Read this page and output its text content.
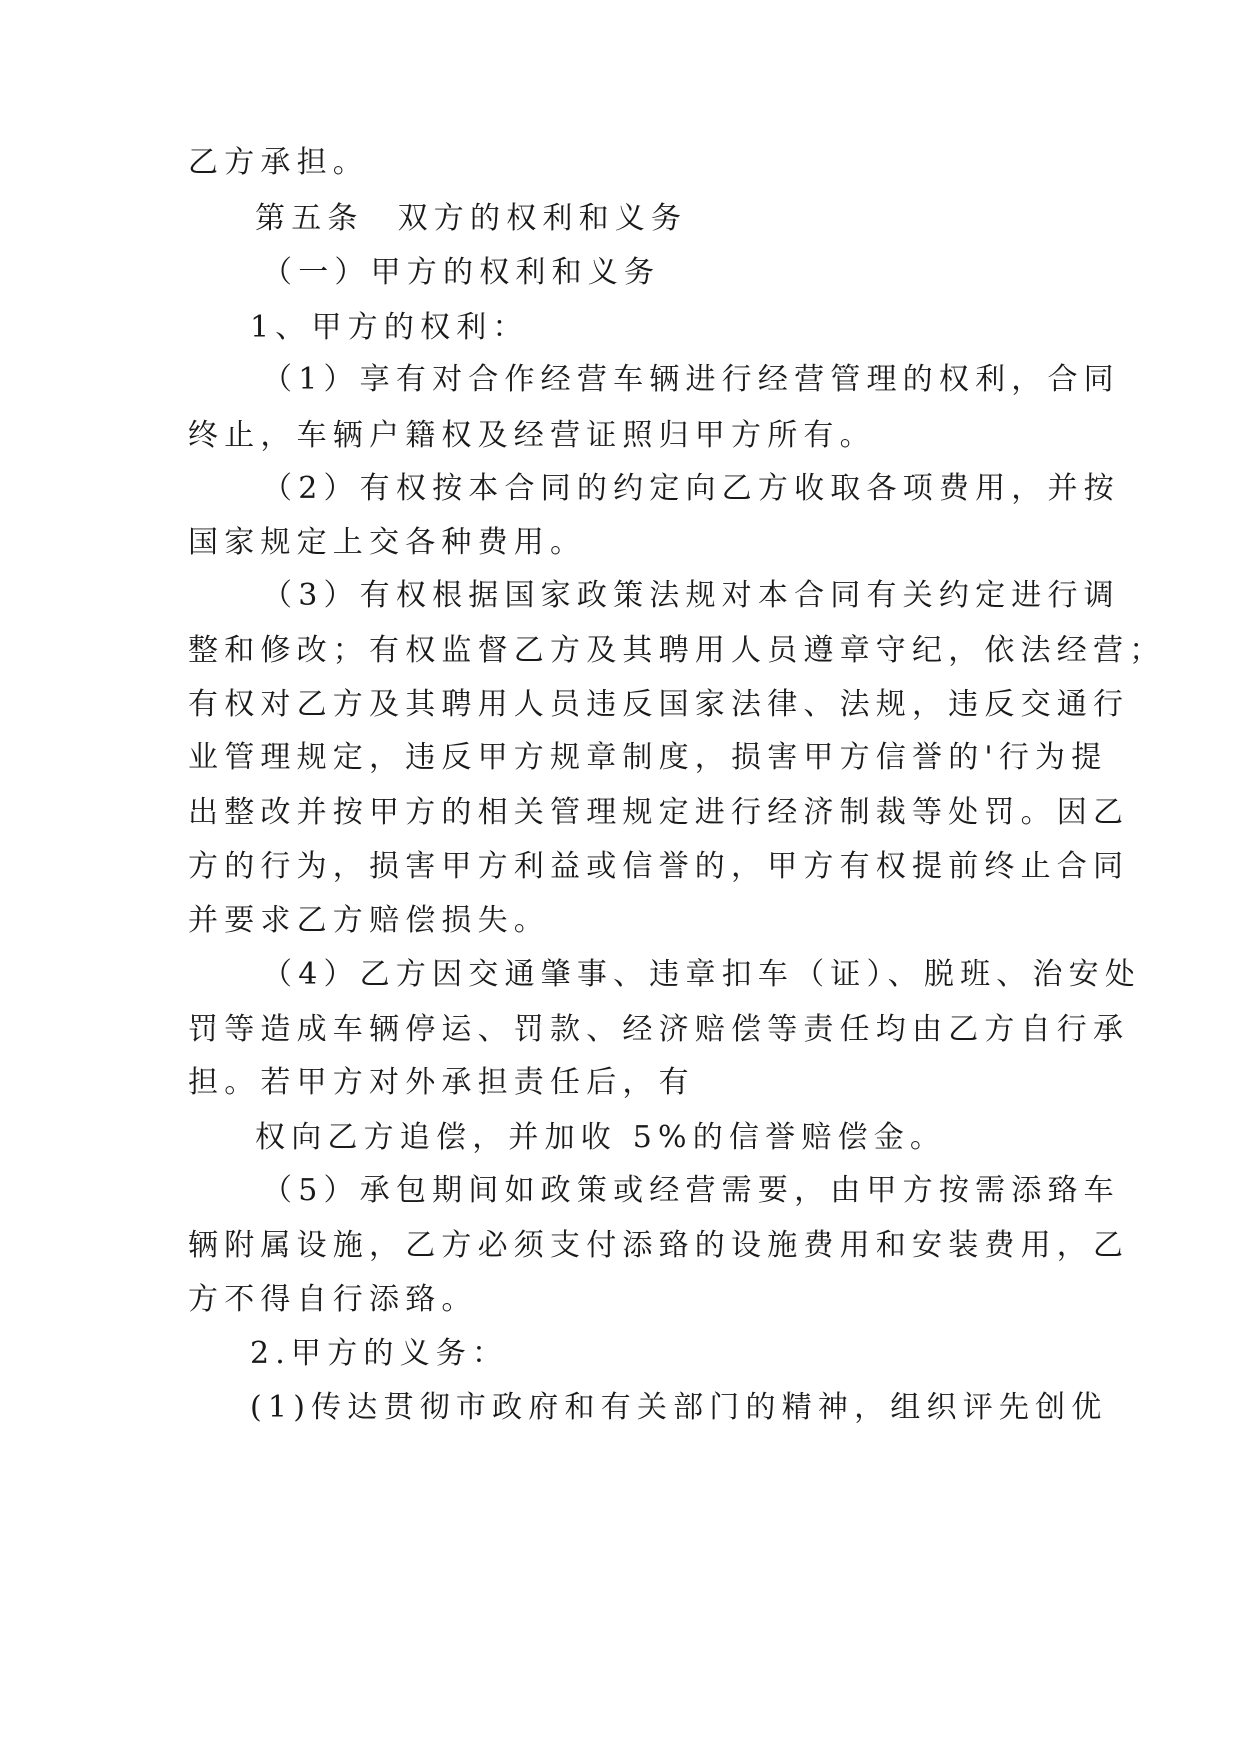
乙方承担。
第五条 双方的权利和义务
（一）甲方的权利和义务
1、甲方的权利：
（1）享有对合作经营车辆进行经营管理的权利，合同
终止，车辆户籍权及经营证照归甲方所有。
（2）有权按本合同的约定向乙方收取各项费用，并按
国家规定上交各种费用。
（3）有权根据国家政策法规对本合同有关约定进行调
整和修改；有权监督乙方及其聘用人员遵章守纪，依法经营；
有权对乙方及其聘用人员违反国家法律、法规，违反交通行
业管理规定，违反甲方规章制度，损害甲方信誉的'行为提
出整改并按甲方的相关管理规定进行经济制裁等处罚。因乙
方的行为，损害甲方利益或信誉的，甲方有权提前终止合同
并要求乙方赔偿损失。
（4）乙方因交通肇事、违章扣车（证）、脱班、治安处
罚等造成车辆停运、罚款、经济赔偿等责任均由乙方自行承
担。若甲方对外承担责任后，有
权向乙方追偿，并加收 5%的信誉赔偿金。
（5）承包期间如政策或经营需要，由甲方按需添臵车
辆附属设施，乙方必须支付添臵的设施费用和安装费用，乙
方不得自行添臵。
2.甲方的义务：
(1)传达贯彻市政府和有关部门的精神，组织评先创优
